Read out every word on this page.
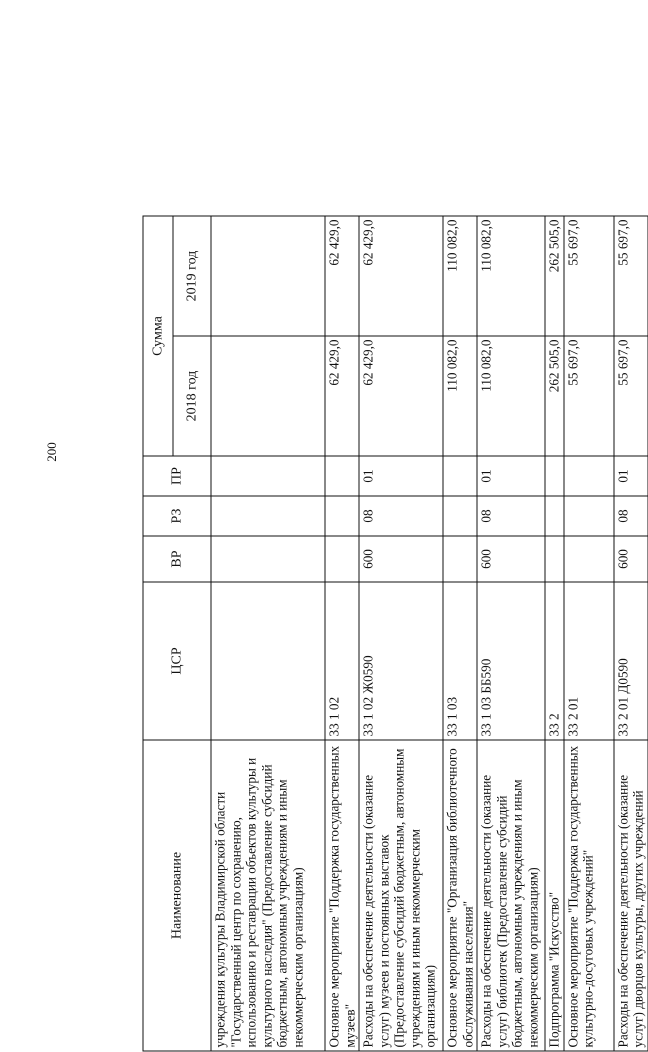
200
Наименование	ЦСР	ВР	РЗ	ПР	Сумма	
					2018 год	2019 год
учреждения культуры Владимирской области "Государственный центр по сохранению, использованию и реставрации объектов культуры и культурного наследия" (Предоставление субсидий бюджетным, автономным учреждениям и иным некоммерческим организациям)						
Основное мероприятие "Поддержка государственных музеев"	33 1 02				62 429,0	62 429,0
Расходы на обеспечение деятельности (оказание услуг) музеев и постоянных выставок (Предоставление субсидий бюджетным, автономным учреждениям и иным некоммерческим организациям)	33 1 02 Ж0590	600	08	01	62 429,0	62 429,0
Основное мероприятие "Организация библиотечного обслуживания населения"	33 1 03				110 082,0	110 082,0
Расходы на обеспечение деятельности (оказание услуг) библиотек (Предоставление субсидий бюджетным, автономным учреждениям и иным некоммерческим организациям)	33 1 03 ББ590	600	08	01	110 082,0	110 082,0
Подпрограмма "Искусство"	33 2				262 505,0	262 505,0
Основное мероприятие "Поддержка государственных культурно-досуговых учреждений"	33 2 01				55 697,0	55 697,0
Расходы на обеспечение деятельности (оказание услуг) дворцов культуры, других учреждений	33 2 01 Д0590	600	08	01	55 697,0	55 697,0
